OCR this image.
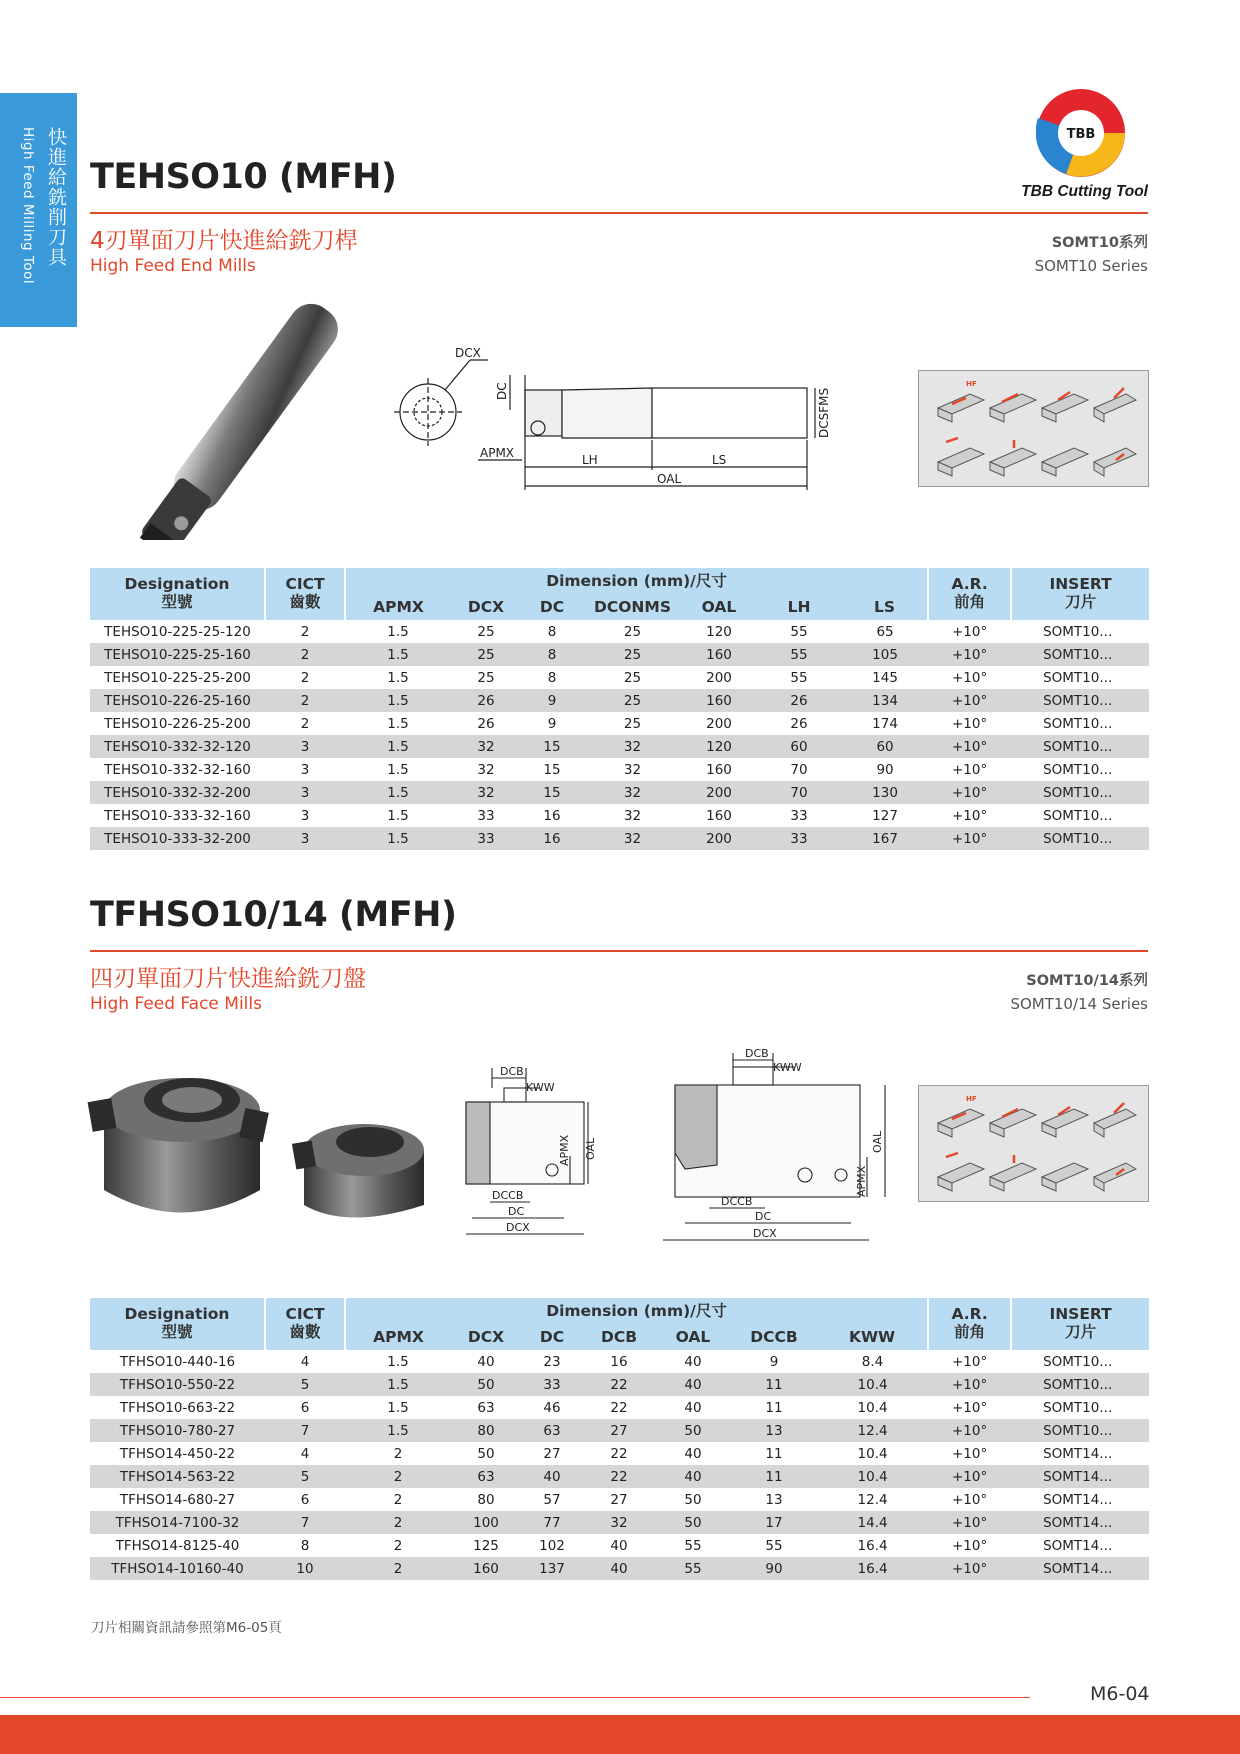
快進給銑削刀具
High Feed Milling Tool	TBB
TBB Cutting Tool
TEHSO10 (MFH)
4刃單面刀片快進給銑刀桿
High Feed End Mills
SOMT10系列
SOMT10 Series
DCX
LH	LS
OAL
APMX
DC	DCSFMS
HF
Designation
型號	CICT
齒數	Dimension (mm)/尺寸							A.R.
前角	INSERT
刀片
		APMX	DCX	DC	DCONMS	OAL	LH	LS		
TEHSO10-225-25-120	2	1.5	25	8	25	120	55	65	+10°	SOMT10...
TEHSO10-225-25-160	2	1.5	25	8	25	160	55	105	+10°	SOMT10...
TEHSO10-225-25-200	2	1.5	25	8	25	200	55	145	+10°	SOMT10...
TEHSO10-226-25-160	2	1.5	26	9	25	160	26	134	+10°	SOMT10...
TEHSO10-226-25-200	2	1.5	26	9	25	200	26	174	+10°	SOMT10...
TEHSO10-332-32-120	3	1.5	32	15	32	120	60	60	+10°	SOMT10...
TEHSO10-332-32-160	3	1.5	32	15	32	160	70	90	+10°	SOMT10...
TEHSO10-332-32-200	3	1.5	32	15	32	200	70	130	+10°	SOMT10...
TEHSO10-333-32-160	3	1.5	33	16	32	160	33	127	+10°	SOMT10...
TEHSO10-333-32-200	3	1.5	33	16	32	200	33	167	+10°	SOMT10...
TFHSO10/14 (MFH)
四刃單面刀片快進給銑刀盤
High Feed Face Mills
SOMT10/14系列
SOMT10/14 Series
DCB
KWW
APMX OAL
DCCB
DC
DCX
DCB
KWW
APMX
OAL
DCCB
DC
DCX
HF
Designation
型號	CICT
齒數	Dimension (mm)/尺寸							A.R.
前角	INSERT
刀片
		APMX	DCX	DC	DCB	OAL	DCCB	KWW		
TFHSO10-440-16	4	1.5	40	23	16	40	9	8.4	+10°	SOMT10...
TFHSO10-550-22	5	1.5	50	33	22	40	11	10.4	+10°	SOMT10...
TFHSO10-663-22	6	1.5	63	46	22	40	11	10.4	+10°	SOMT10...
TFHSO10-780-27	7	1.5	80	63	27	50	13	12.4	+10°	SOMT10...
TFHSO14-450-22	4	2	50	27	22	40	11	10.4	+10°	SOMT14...
TFHSO14-563-22	5	2	63	40	22	40	11	10.4	+10°	SOMT14...
TFHSO14-680-27	6	2	80	57	27	50	13	12.4	+10°	SOMT14...
TFHSO14-7100-32	7	2	100	77	32	50	17	14.4	+10°	SOMT14...
TFHSO14-8125-40	8	2	125	102	40	55	55	16.4	+10°	SOMT14...
TFHSO14-10160-40	10	2	160	137	40	55	90	16.4	+10°	SOMT14...
刀片相關資訊請參照第M6-05頁
M6-04
